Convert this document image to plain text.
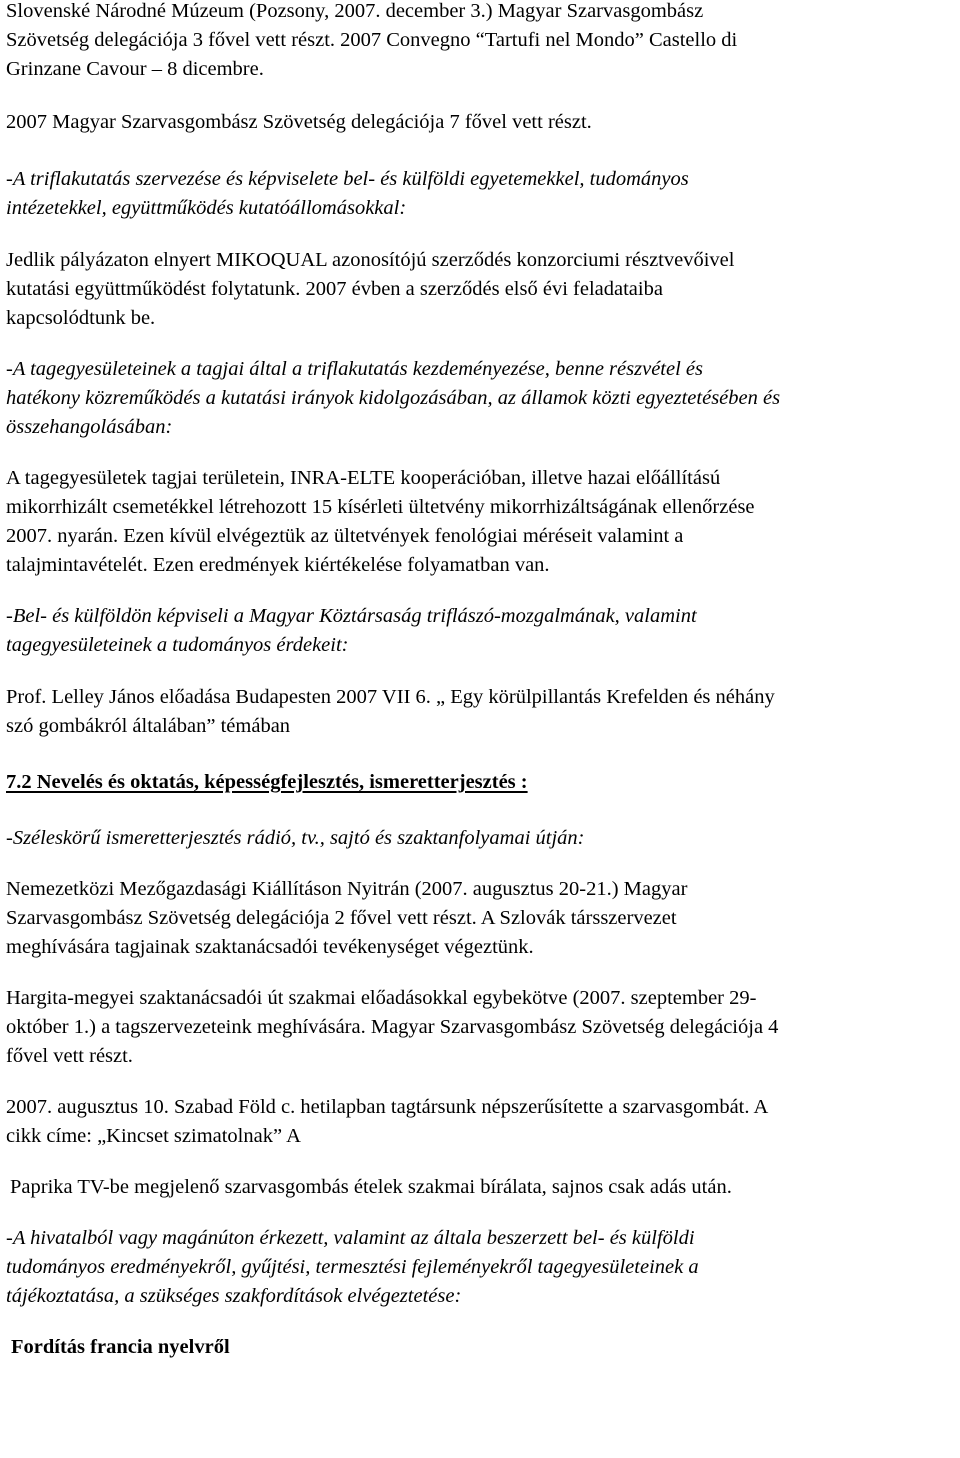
Slovenské Národné Múzeum (Pozsony, 2007. december 3.) Magyar Szarvasgombász
Szövetség delegációja 3 fővel vett részt. 2007 Convegno “Tartufi nel Mondo” Castello di
Grinzane Cavour – 8 dicembre.

2007 Magyar Szarvasgombász Szövetség delegációja 7 fővel vett részt.

-A triflakutatás szervezése és képviselete bel- és külföldi egyetemekkel, tudományos
intézetekkel, együttműködés kutatóállomásokkal:

Jedlik pályázaton elnyert MIKOQUAL azonosítójú szerződés konzorciumi résztvevőivel
kutatási együttműködést folytatunk. 2007 évben a szerződés első évi feladataiba
kapcsolódtunk be.

-A tagegyesületeinek a tagjai által a triflakutatás kezdeményezése, benne részvétel és
hatékony közreműködés a kutatási irányok kidolgozásában, az államok közti egyeztetésében és
összehangolásában:

A tagegyesületek tagjai területein, INRA-ELTE kooperációban, illetve hazai előállítású
mikorrhizált csemetékkel létrehozott 15 kísérleti ültetvény mikorrhizáltságának ellenőrzése
2007. nyarán. Ezen kívül elvégeztük az ültetvények fenológiai méréseit valamint a
talajmintavételét. Ezen eredmények kiértékelése folyamatban van.

-Bel- és külföldön képviseli a Magyar Köztársaság triflászó-mozgalmának, valamint
tagegyesületeinek a tudományos érdekeit:

Prof. Lelley János előadása Budapesten 2007 VII 6. „ Egy körülpillantás Krefelden és néhány
szó gombákról általában” témában

7.2 Nevelés és oktatás, képességfejlesztés, ismeretterjesztés :

-Széleskörű ismeretterjesztés rádió, tv., sajtó és szaktanfolyamai útján:

Nemezetközi Mezőgazdasági Kiállításon Nyitrán (2007. augusztus 20-21.) Magyar
Szarvasgombász Szövetség delegációja 2 fővel vett részt. A Szlovák társszervezet
meghívására tagjainak szaktanácsadói tevékenységet végeztünk.

Hargita-megyei szaktanácsadói út szakmai előadásokkal egybekötve (2007. szeptember 29-
október 1.) a tagszervezeteink meghívására. Magyar Szarvasgombász Szövetség delegációja 4
fővel vett részt.

2007. augusztus 10. Szabad Föld c. hetilapban tagtársunk népszerűsítette a szarvasgombát. A
cikk címe: „Kincset szimatolnak” A

Paprika TV-be megjelenő szarvasgombás ételek szakmai bírálata, sajnos csak adás után.

-A hivatalból vagy magánúton érkezett, valamint az általa beszerzett bel- és külföldi
tudományos eredményekről, gyűjtési, termesztési fejleményekről tagegyesületeinek a
tájékoztatása, a szükséges szakfordítások elvégeztetése:

Fordítás francia nyelvről
